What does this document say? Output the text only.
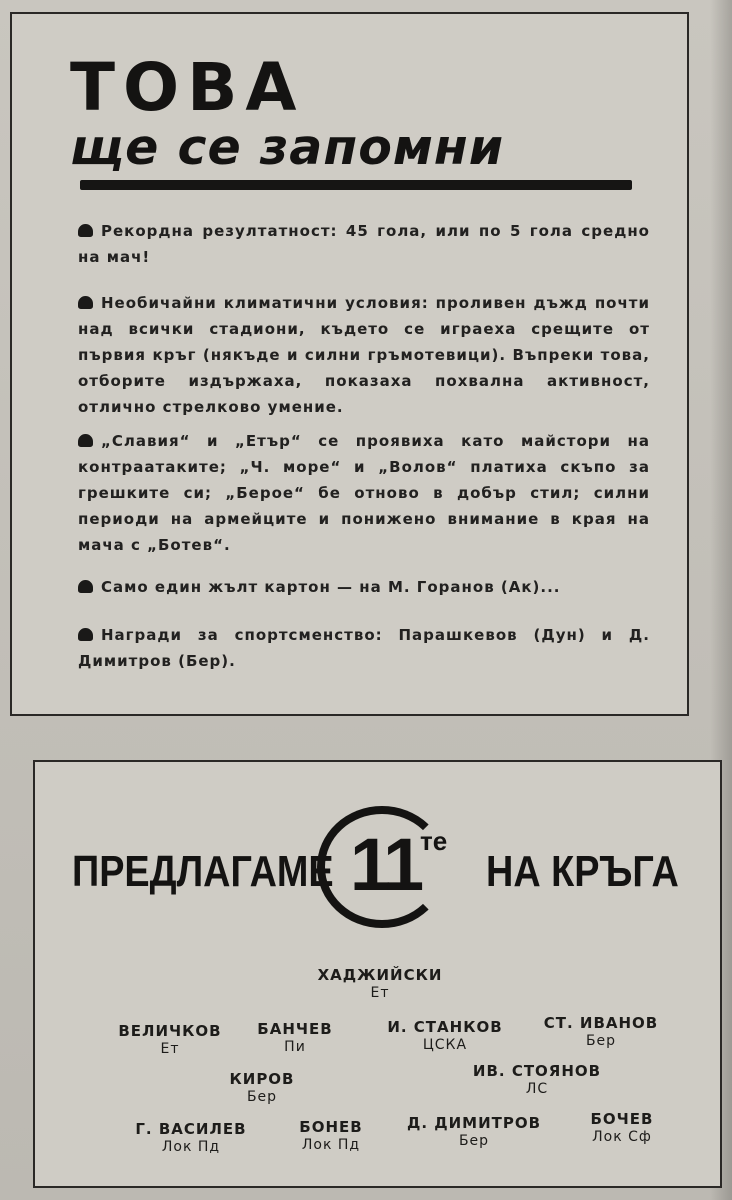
ТОВА
ще се запомни

Рекордна резултатност: 45 гола, или по 5 гола средно на мач!

Необичайни климатични условия: проливен дъжд почти над всички стадиони, където се играеха срещите от първия кръг (някъде и силни гръмотевици). Въпреки това, отборите издържаха, показаха похвална активност, отлично стрелково умение.

„Славия“ и „Етър“ се проявиха като майстори на контраатаките; „Ч. море“ и „Волов“ платиха скъпо за грешките си; „Берое“ бе отново в добър стил; силни периоди на армейците и понижено внимание в края на мача с „Ботев“.

Само един жълт картон — на М. Горанов (Ак)...

Награди за спортсменство: Парашкевов (Дун) и Д. Димитров (Бер).

ПРЕДЛАГАМЕ 11 те
НА КРЪГА
ХАДЖИЙСКИ
Ет
ВЕЛИЧКОВ
Ет
БАНЧЕВ
Пи
И. СТАНКОВ
ЦСКА
СТ. ИВАНОВ
Бер
КИРОВ
Бер
ИВ. СТОЯНОВ
ЛС
Г. ВАСИЛЕВ
Лок Пд
БОНЕВ
Лок Пд
Д. ДИМИТРОВ
Бер
БОЧЕВ
Лок Сф
